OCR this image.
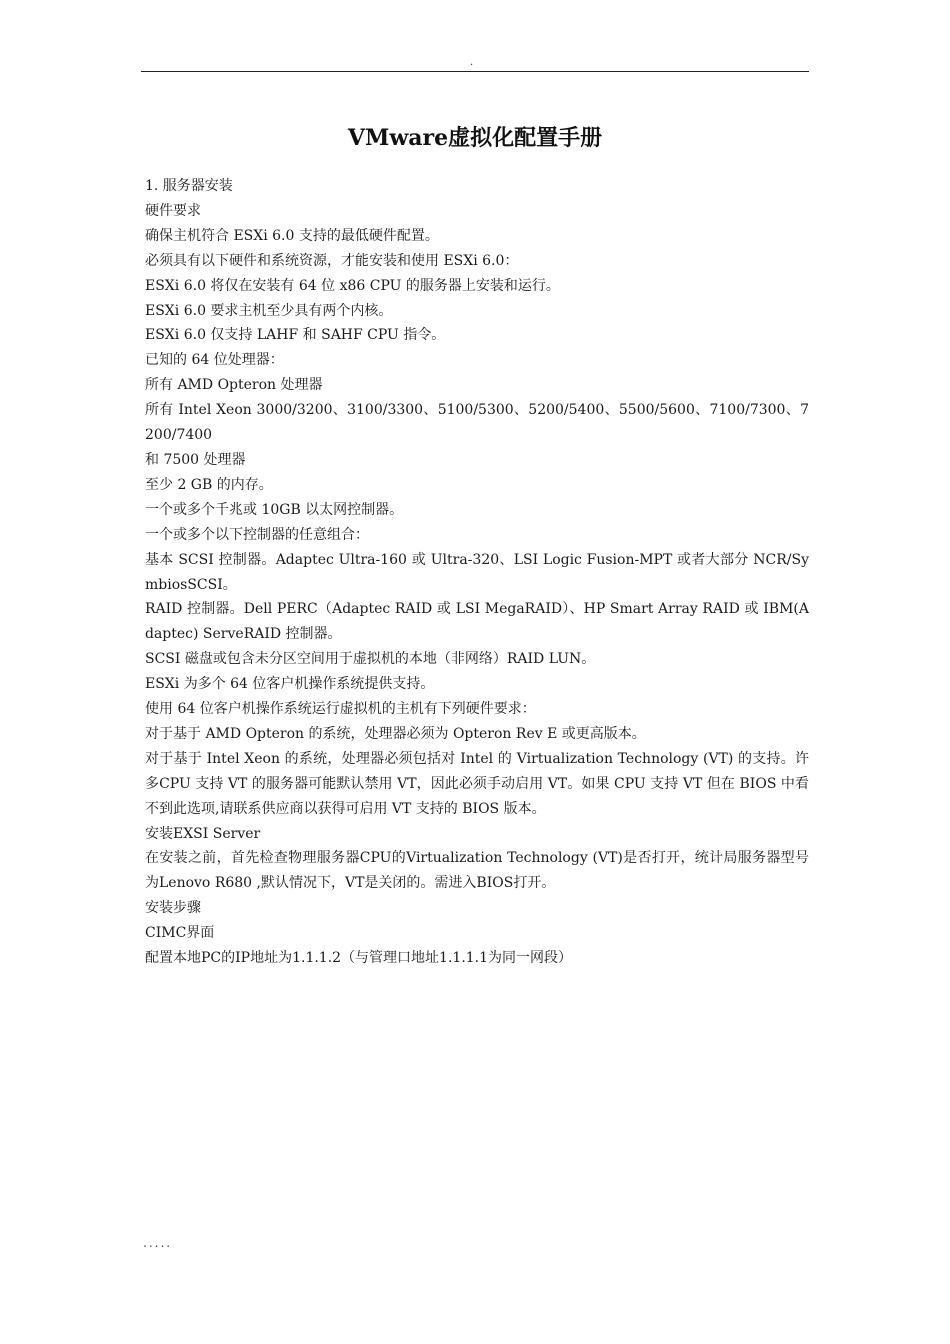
.
VMware虚拟化配置手册

1. 服务器安装

硬件要求

确保主机符合 ESXi 6.0 支持的最低硬件配置。

必须具有以下硬件和系统资源，才能安装和使用 ESXi 6.0：

ESXi 6.0 将仅在安装有 64 位 x86 CPU 的服务器上安装和运行。

ESXi 6.0 要求主机至少具有两个内核。

ESXi 6.0 仅支持 LAHF 和 SAHF CPU 指令。

已知的 64 位处理器：

所有 AMD Opteron 处理器

所有 Intel Xeon 3000/3200、3100/3300、5100/5300、5200/5400、5500/5600、7100/7300、7200/7400

和 7500 处理器

至少 2 GB 的内存。

一个或多个千兆或 10GB 以太网控制器。

一个或多个以下控制器的任意组合：

基本 SCSI 控制器。Adaptec Ultra-160 或 Ultra-320、LSI Logic Fusion-MPT 或者大部分 NCR/SymbiosSCSI。

RAID 控制器。Dell PERC（Adaptec RAID 或 LSI MegaRAID）、HP Smart Array RAID 或 IBM(Adaptec) ServeRAID 控制器。

SCSI 磁盘或包含未分区空间用于虚拟机的本地（非网络）RAID LUN。

ESXi 为多个 64 位客户机操作系统提供支持。

使用 64 位客户机操作系统运行虚拟机的主机有下列硬件要求：

对于基于 AMD Opteron 的系统，处理器必须为 Opteron Rev E 或更高版本。

对于基于 Intel Xeon 的系统，处理器必须包括对 Intel 的 Virtualization Technology (VT) 的支持。许多CPU 支持 VT 的服务器可能默认禁用 VT，因此必须手动启用 VT。如果 CPU 支持 VT 但在 BIOS 中看不到此选项,请联系供应商以获得可启用 VT 支持的 BIOS 版本。

安装EXSI Server

在安装之前，首先检查物理服务器CPU的Virtualization Technology (VT)是否打开，统计局服务器型号为Lenovo R680 ,默认情况下，VT是关闭的。需进入BIOS打开。

安装步骤

CIMC界面

配置本地PC的IP地址为1.1.1.2（与管理口地址1.1.1.1为同一网段）

.....
